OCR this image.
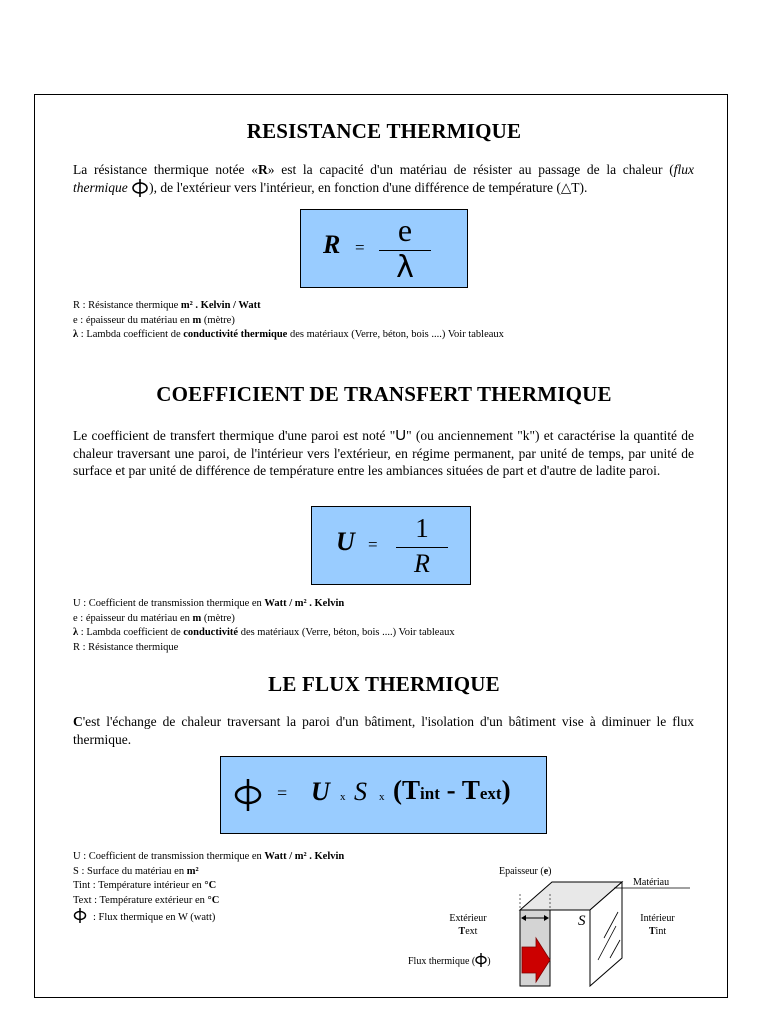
RESISTANCE THERMIQUE
La résistance thermique notée «R» est la capacité d'un matériau de résister au passage de la chaleur (flux thermique ), de l'extérieur vers l'intérieur, en fonction d'une différence de température (△T).
R =	e
λ
R : Résistance thermique m² . Kelvin / Watt
e : épaisseur du matériau en m (mètre)
λ : Lambda coefficient de conductivité thermique des matériaux (Verre, béton, bois ....) Voir tableaux
COEFFICIENT DE TRANSFERT THERMIQUE
Le coefficient de transfert thermique d'une paroi est noté "U" (ou anciennement "k") et caractérise la quantité de chaleur traversant une paroi, de l'intérieur vers l'extérieur, en régime permanent, par unité de temps, par unité de surface et par unité de différence de température entre les ambiances situées de part et d'autre de ladite paroi.
U =
1
R
U : Coefficient de transmission thermique en Watt / m² . Kelvin
e : épaisseur du matériau en m (mètre)
λ : Lambda coefficient de conductivité des matériaux (Verre, béton, bois ....) Voir tableaux
R : Résistance thermique
LE FLUX THERMIQUE
C'est l'échange de chaleur traversant la paroi d'un bâtiment, l'isolation d'un bâtiment vise à diminuer le flux thermique.
= U x S x (Tint - Text)
U : Coefficient de transmission thermique en Watt / m² . Kelvin
S : Surface du matériau en m²
Tint : Température intérieur en °C
Text : Température extérieur en °C
: Flux thermique en W (watt)
Epaisseur (e)
Matériau
Extérieur
Text
Intérieur
Tint
S
Flux thermique ( )
